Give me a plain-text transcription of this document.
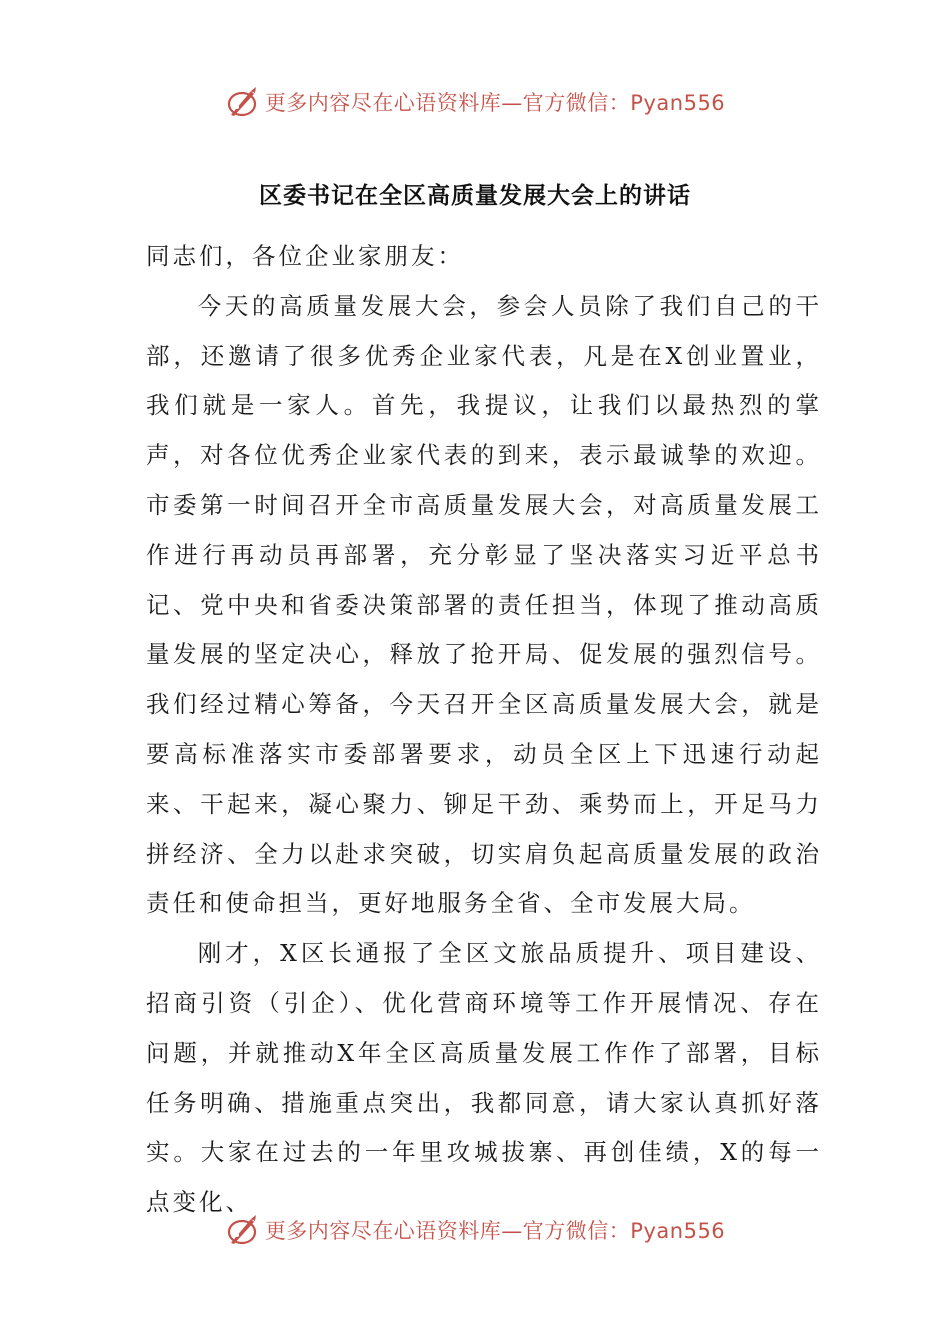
更多内容尽在心语资料库—官方微信：Pyan556
区委书记在全区高质量发展大会上的讲话

同志们，各位企业家朋友：

今天的高质量发展大会，参会人员除了我们自己的干部，还邀请了很多优秀企业家代表，凡是在X创业置业，我们就是一家人。首先，我提议，让我们以最热烈的掌声，对各位优秀企业家代表的到来，表示最诚挚的欢迎。市委第一时间召开全市高质量发展大会，对高质量发展工作进行再动员再部署，充分彰显了坚决落实习近平总书记、党中央和省委决策部署的责任担当，体现了推动高质量发展的坚定决心，释放了抢开局、促发展的强烈信号。我们经过精心筹备，今天召开全区高质量发展大会，就是要高标准落实市委部署要求，动员全区上下迅速行动起来、干起来，凝心聚力、铆足干劲、乘势而上，开足马力拼经济、全力以赴求突破，切实肩负起高质量发展的政治责任和使命担当，更好地服务全省、全市发展大局。

刚才，X区长通报了全区文旅品质提升、项目建设、招商引资（引企）、优化营商环境等工作开展情况、存在问题，并就推动X年全区高质量发展工作作了部署，目标任务明确、措施重点突出，我都同意，请大家认真抓好落实。大家在过去的一年里攻城拔寨、再创佳绩，X的每一点变化、

更多内容尽在心语资料库—官方微信：Pyan556
